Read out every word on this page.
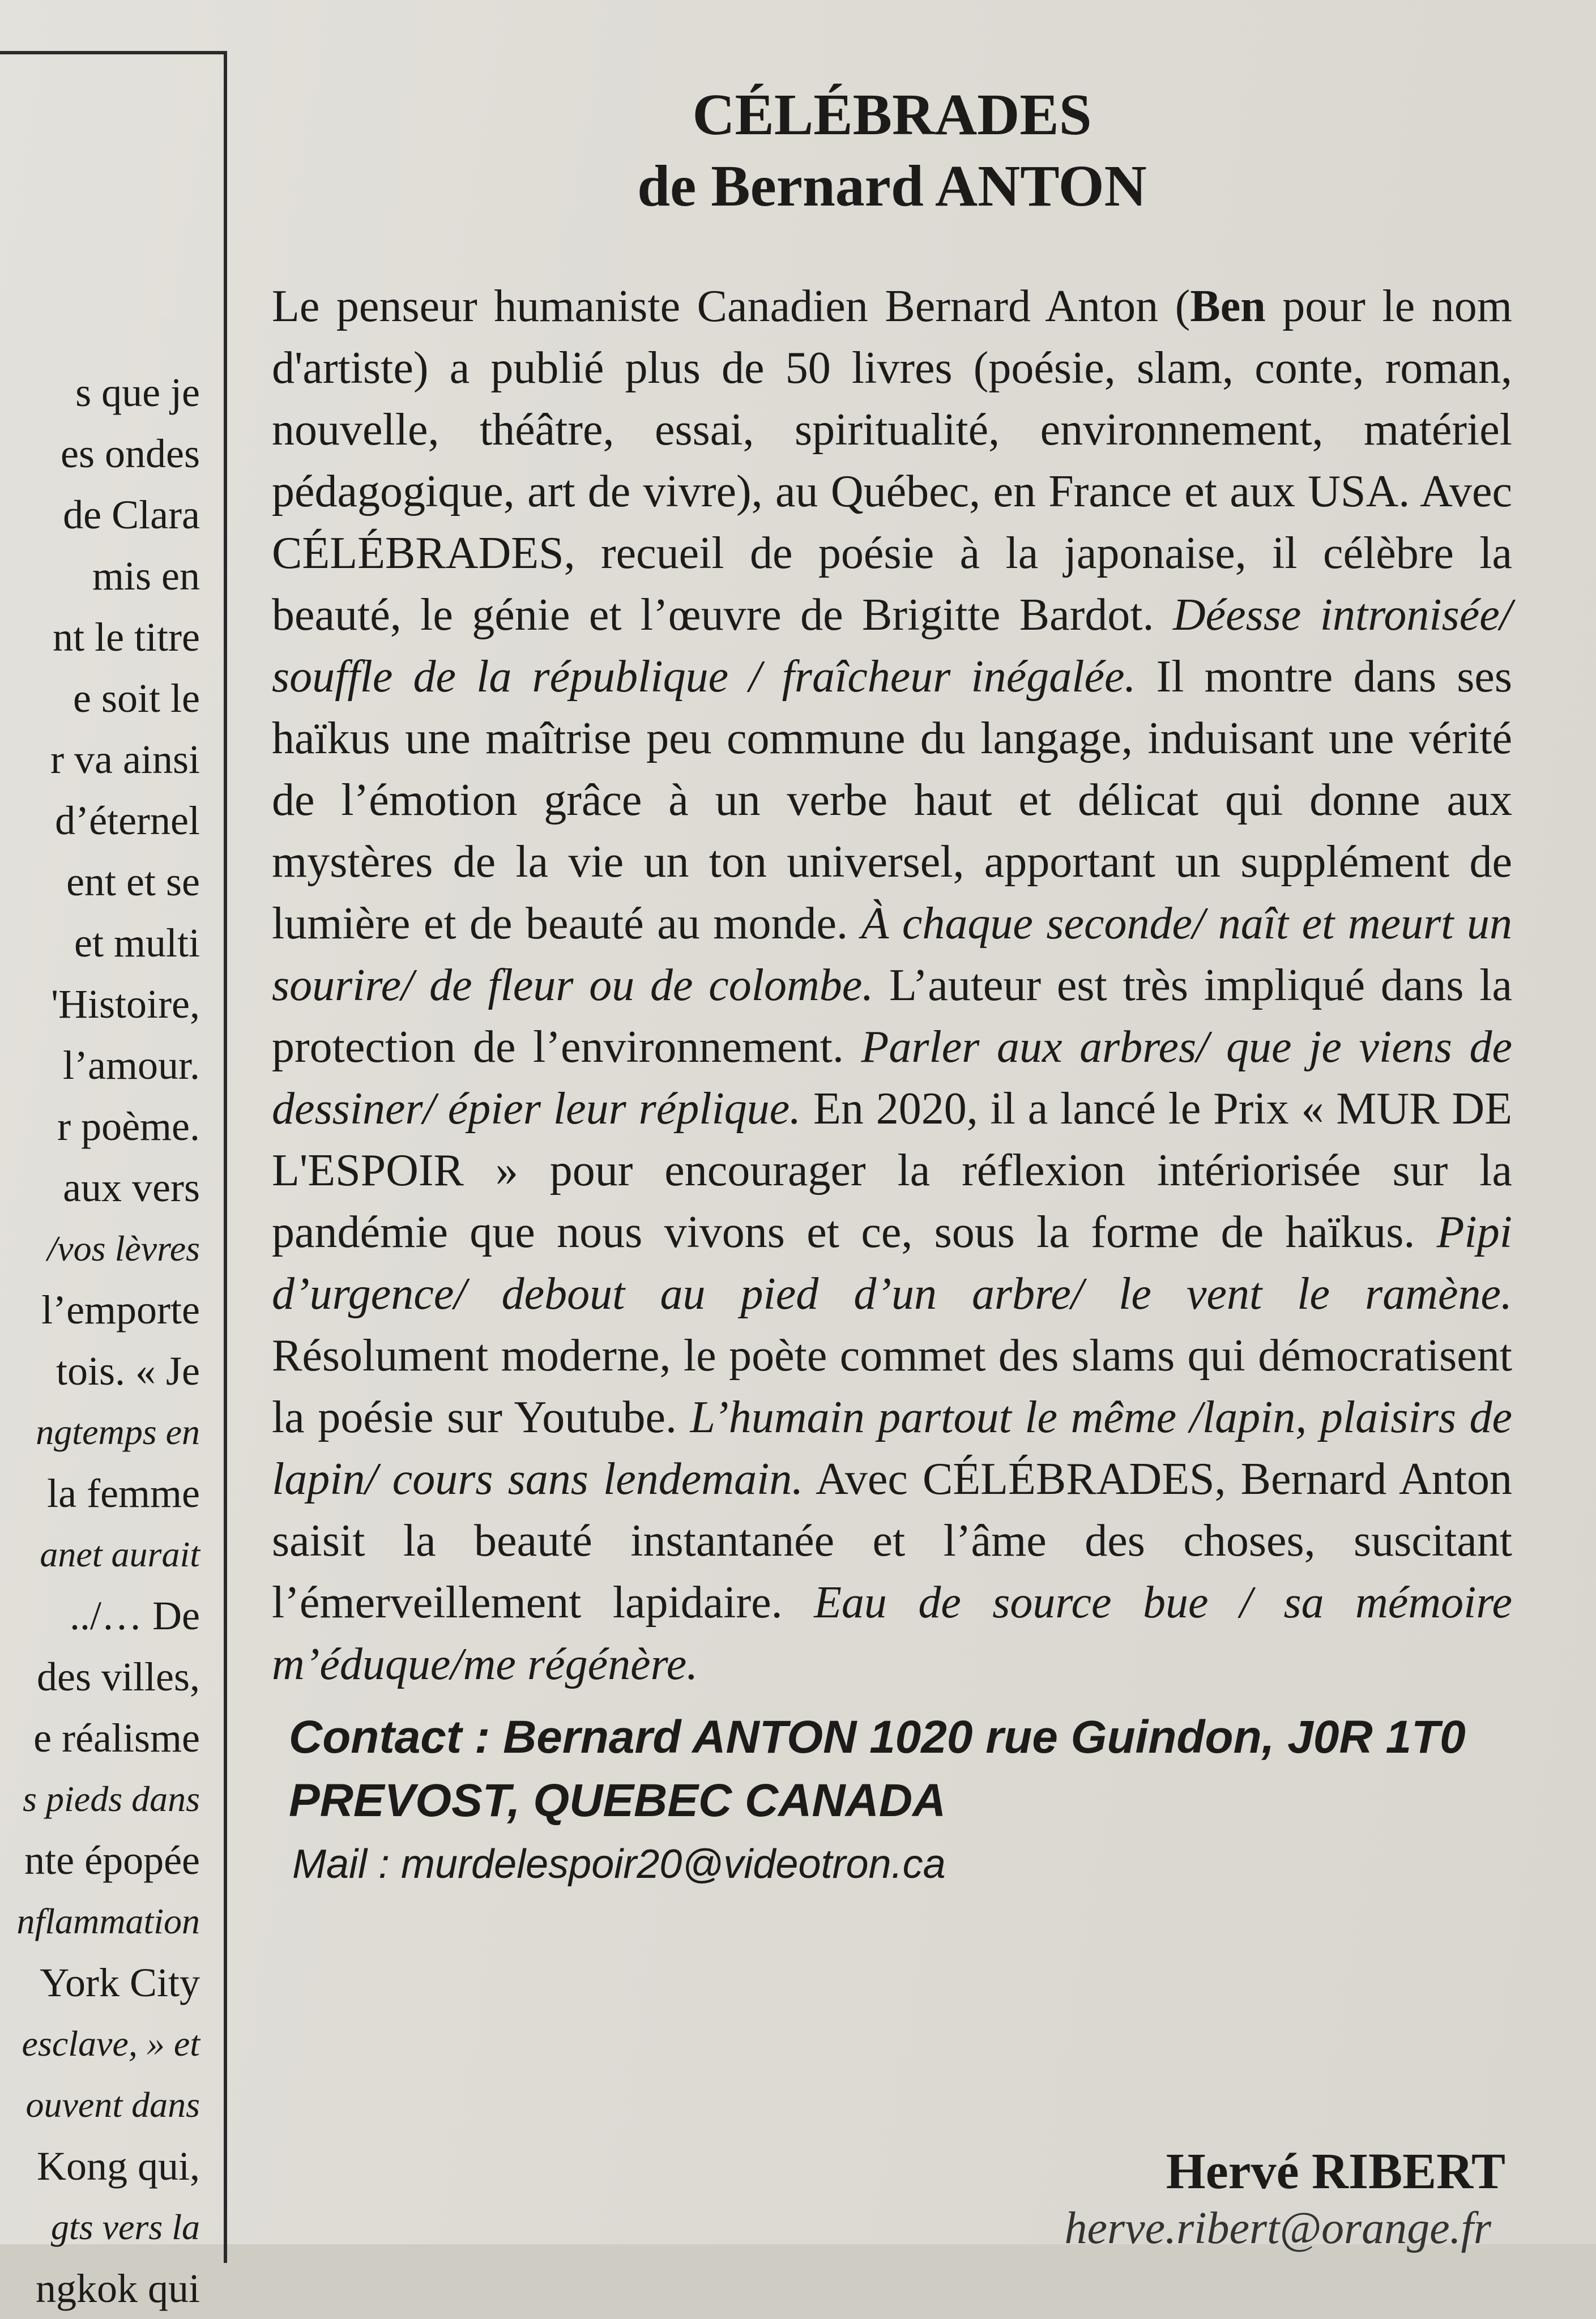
s que je
es ondes
de Clara
mis en
nt le titre
e soit le
r va ainsi
d’éternel
ent et se
et multi
'Histoire,
l’amour.
r poème.
aux vers
/vos lèvres
l’emporte
tois. « Je
ngtemps en
la femme
anet aurait
../… De
des villes,
e réalisme
s pieds dans
nte épopée
nflammation
York City
esclave, » et
ouvent dans
Kong qui,
gts vers la
ngkok qui
CÉLÉBRADES
de Bernard ANTON

Le penseur humaniste Canadien Bernard Anton (Ben pour le nom d'artiste) a publié plus de 50 livres (poésie, slam, conte, roman, nouvelle, théâtre, essai, spiritualité, environnement, matériel pédagogique, art de vivre), au Québec, en France et aux USA. Avec CÉLÉBRADES, recueil de poésie à la japonaise, il célèbre la beauté, le génie et l’œuvre de Brigitte Bardot. Déesse intronisée/ souffle de la république / fraîcheur inégalée. Il montre dans ses haïkus une maîtrise peu commune du langage, induisant une vérité de l’émotion grâce à un verbe haut et délicat qui donne aux mystères de la vie un ton universel, apportant un supplément de lumière et de beauté au monde. À chaque seconde/ naît et meurt un sourire/ de fleur ou de colombe. L’auteur est très impliqué dans la protection de l’environnement. Parler aux arbres/ que je viens de dessiner/ épier leur réplique. En 2020, il a lancé le Prix « MUR DE L'ESPOIR » pour encourager la réflexion intériorisée sur la pandémie que nous vivons et ce, sous la forme de haïkus. Pipi d’urgence/ debout au pied d’un arbre/ le vent le ramène. Résolument moderne, le poète commet des slams qui démocratisent la poésie sur Youtube. L’humain partout le même /lapin, plaisirs de lapin/ cours sans lendemain. Avec CÉLÉBRADES, Bernard Anton saisit la beauté instantanée et l’âme des choses, suscitant l’émerveillement lapidaire. Eau de source bue / sa mémoire m’éduque/me régénère.

Contact : Bernard ANTON 1020 rue Guindon, J0R 1T0 PREVOST, QUEBEC CANADA
Mail : murdelespoir20@videotron.ca
Hervé RIBERT
herve.ribert@orange.fr
